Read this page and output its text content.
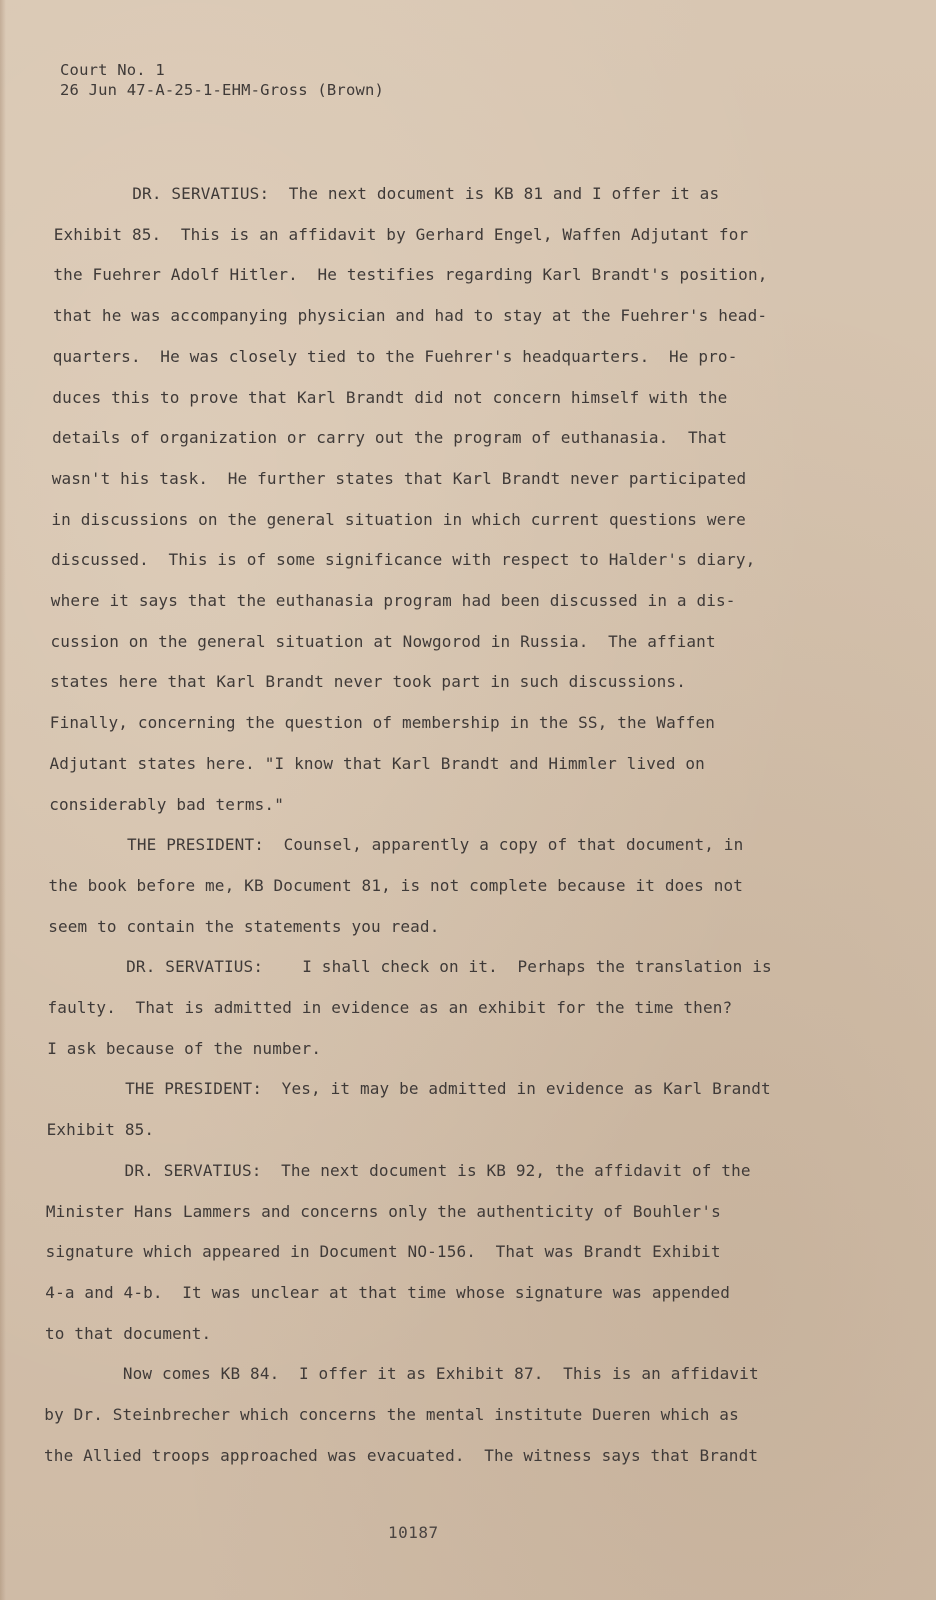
Court No. 1
26 Jun 47-A-25-1-EHM-Gross (Brown)
DR. SERVATIUS:  The next document is KB 81 and I offer it as
Exhibit 85.  This is an affidavit by Gerhard Engel, Waffen Adjutant for
the Fuehrer Adolf Hitler.  He testifies regarding Karl Brandt's position,
that he was accompanying physician and had to stay at the Fuehrer's head-
quarters.  He was closely tied to the Fuehrer's headquarters.  He pro-
duces this to prove that Karl Brandt did not concern himself with the
details of organization or carry out the program of euthanasia.  That
wasn't his task.  He further states that Karl Brandt never participated
in discussions on the general situation in which current questions were
discussed.  This is of some significance with respect to Halder's diary,
where it says that the euthanasia program had been discussed in a dis-
cussion on the general situation at Nowgorod in Russia.  The affiant
states here that Karl Brandt never took part in such discussions.
Finally, concerning the question of membership in the SS, the Waffen
Adjutant states here. "I know that Karl Brandt and Himmler lived on
considerably bad terms."
THE PRESIDENT:  Counsel, apparently a copy of that document, in
the book before me, KB Document 81, is not complete because it does not
seem to contain the statements you read.
DR. SERVATIUS:    I shall check on it.  Perhaps the translation is
faulty.  That is admitted in evidence as an exhibit for the time then?
I ask because of the number.
THE PRESIDENT:  Yes, it may be admitted in evidence as Karl Brandt
Exhibit 85.
DR. SERVATIUS:  The next document is KB 92, the affidavit of the
Minister Hans Lammers and concerns only the authenticity of Bouhler's
signature which appeared in Document NO-156.  That was Brandt Exhibit
4-a and 4-b.  It was unclear at that time whose signature was appended
to that document.
Now comes KB 84.  I offer it as Exhibit 87.  This is an affidavit
by Dr. Steinbrecher which concerns the mental institute Dueren which as
the Allied troops approached was evacuated.  The witness says that Brandt
10187
